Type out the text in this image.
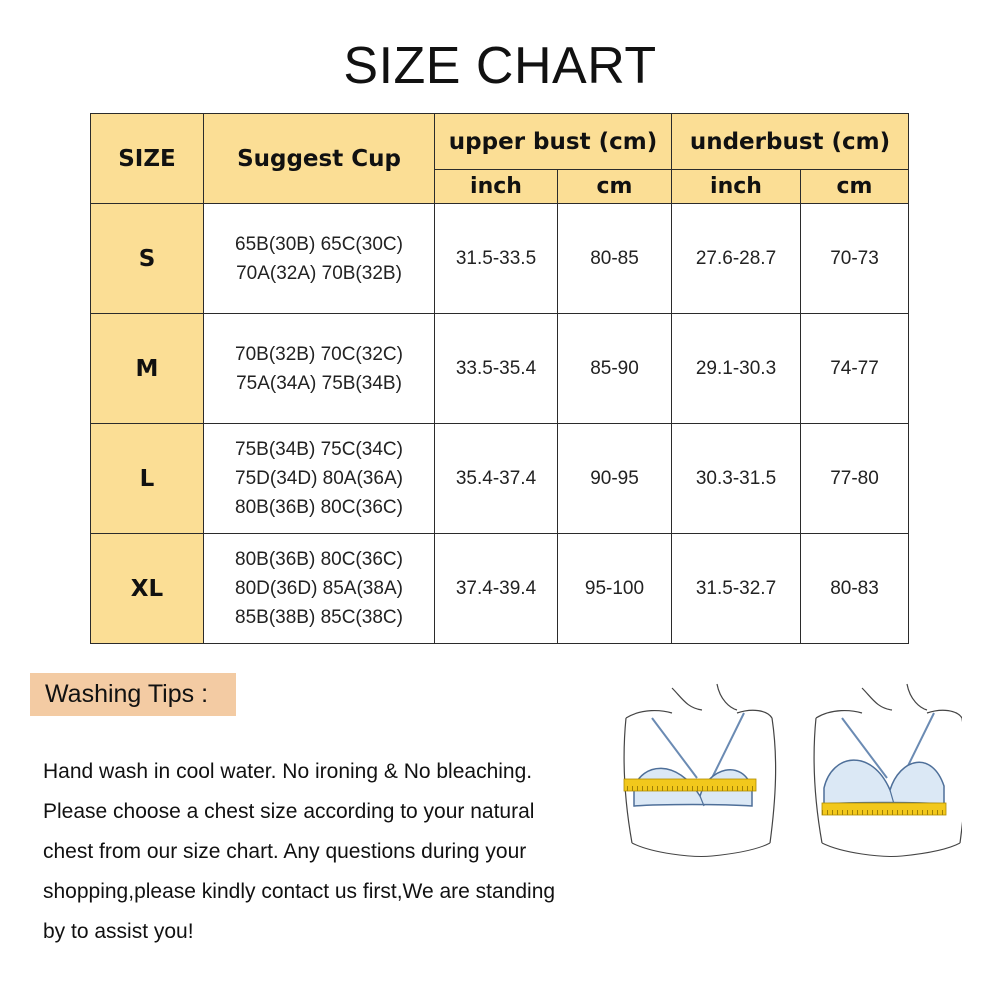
SIZE CHART
SIZE	Suggest Cup	upper bust (cm)		underbust (cm)	
		inch	cm	inch	cm
S	65B(30B) 65C(30C)
70A(32A) 70B(32B)	31.5-33.5	80-85	27.6-28.7	70-73
M	70B(32B) 70C(32C)
75A(34A) 75B(34B)	33.5-35.4	85-90	29.1-30.3	74-77
L	75B(34B) 75C(34C)
75D(34D) 80A(36A)
80B(36B) 80C(36C)	35.4-37.4	90-95	30.3-31.5	77-80
XL	80B(36B) 80C(36C)
80D(36D) 85A(38A)
85B(38B) 85C(38C)	37.4-39.4	95-100	31.5-32.7	80-83
Washing Tips :

Hand wash in cool water. No ironing & No bleaching.

Please choose a chest size according to your natural

chest from our size chart. Any questions during your

shopping,please kindly contact us first,We are standing

by to assist you!
